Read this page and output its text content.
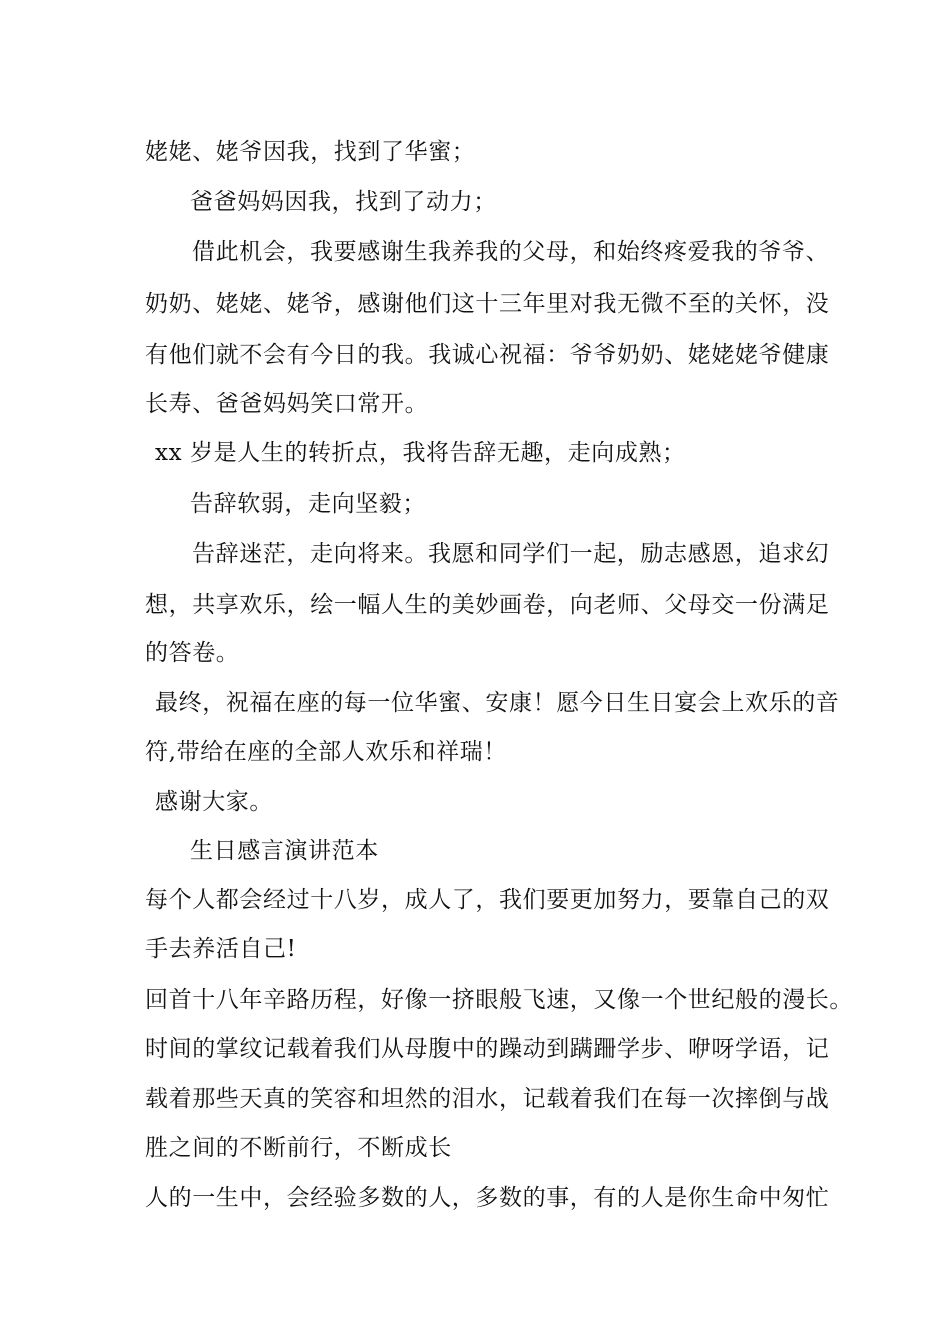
姥姥、姥爷因我，找到了华蜜；
爸爸妈妈因我，找到了动力；
借此机会，我要感谢生我养我的父母，和始终疼爱我的爷爷、
奶奶、姥姥、姥爷，感谢他们这十三年里对我无微不至的关怀，没
有他们就不会有今日的我。我诚心祝福：爷爷奶奶、姥姥姥爷健康
长寿、爸爸妈妈笑口常开。
xx 岁是人生的转折点，我将告辞无趣，走向成熟；
告辞软弱，走向坚毅；
告辞迷茫，走向将来。我愿和同学们一起，励志感恩，追求幻
想，共享欢乐，绘一幅人生的美妙画卷，向老师、父母交一份满足
的答卷。
最终，祝福在座的每一位华蜜、安康！愿今日生日宴会上欢乐的音
符,带给在座的全部人欢乐和祥瑞！
感谢大家。
生日感言演讲范本
每个人都会经过十八岁，成人了，我们要更加努力，要靠自己的双
手去养活自己!
回首十八年辛路历程，好像一挤眼般飞速，又像一个世纪般的漫长。
时间的掌纹记载着我们从母腹中的躁动到蹒跚学步、咿呀学语，记
载着那些天真的笑容和坦然的泪水，记载着我们在每一次摔倒与战
胜之间的不断前行，不断成长
人的一生中，会经验多数的人，多数的事，有的人是你生命中匆忙
